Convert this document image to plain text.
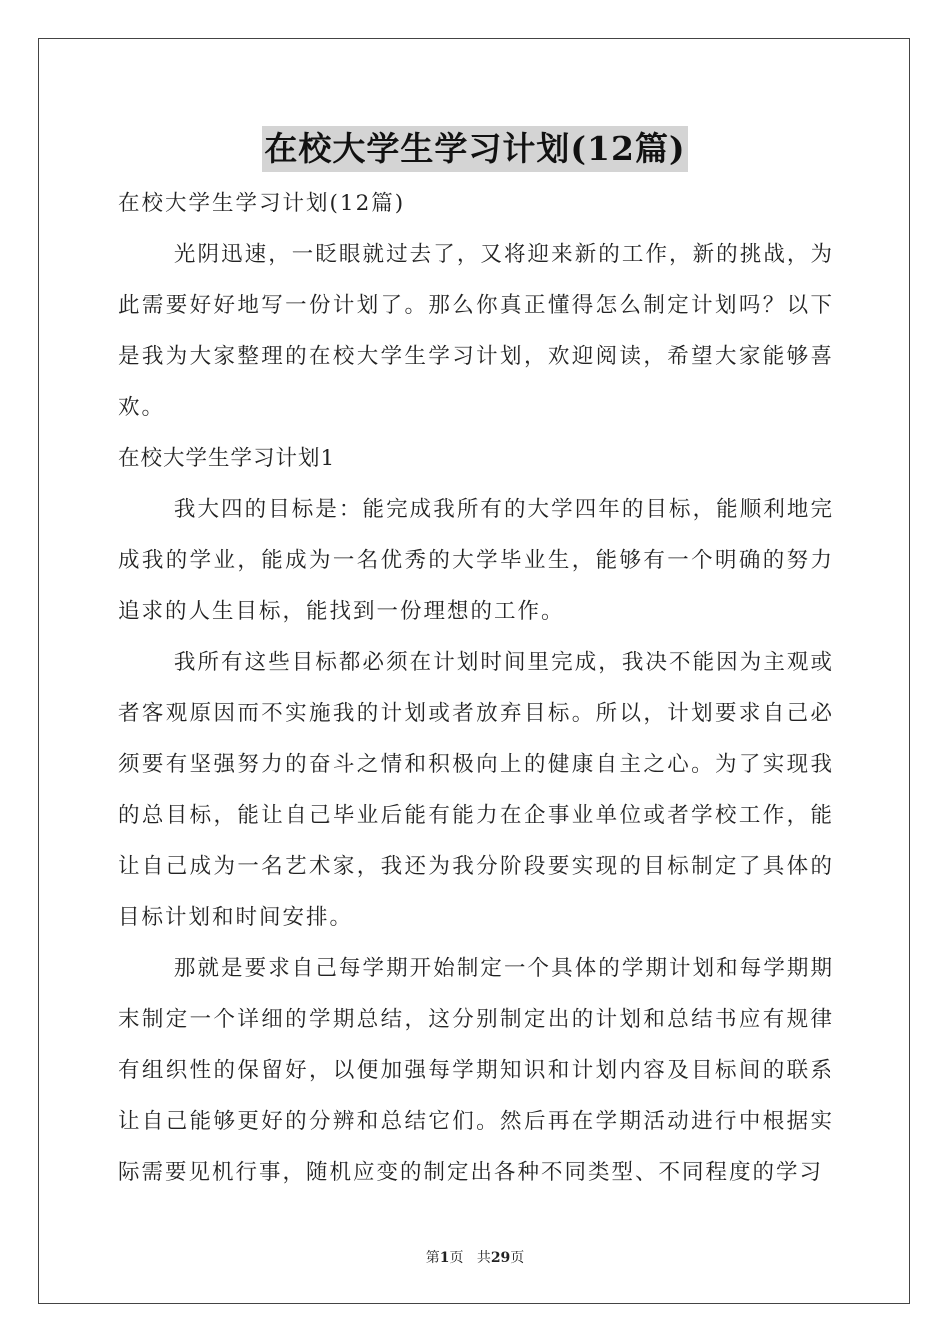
在校大学生学习计划(12篇)

在校大学生学习计划(12篇)

光阴迅速，一眨眼就过去了，又将迎来新的工作，新的挑战，为此需要好好地写一份计划了。那么你真正懂得怎么制定计划吗？以下是我为大家整理的在校大学生学习计划，欢迎阅读，希望大家能够喜欢。

在校大学生学习计划1

我大四的目标是：能完成我所有的大学四年的目标，能顺利地完成我的学业，能成为一名优秀的大学毕业生，能够有一个明确的努力追求的人生目标，能找到一份理想的工作。

我所有这些目标都必须在计划时间里完成，我决不能因为主观或者客观原因而不实施我的计划或者放弃目标。所以，计划要求自己必须要有坚强努力的奋斗之情和积极向上的健康自主之心。为了实现我的总目标，能让自己毕业后能有能力在企事业单位或者学校工作，能让自己成为一名艺术家，我还为我分阶段要实现的目标制定了具体的目标计划和时间安排。

那就是要求自己每学期开始制定一个具体的学期计划和每学期期末制定一个详细的学期总结，这分别制定出的计划和总结书应有规律有组织性的保留好，以便加强每学期知识和计划内容及目标间的联系让自己能够更好的分辨和总结它们。然后再在学期活动进行中根据实际需要见机行事，随机应变的制定出各种不同类型、不同程度的学习

第1页 共29页
